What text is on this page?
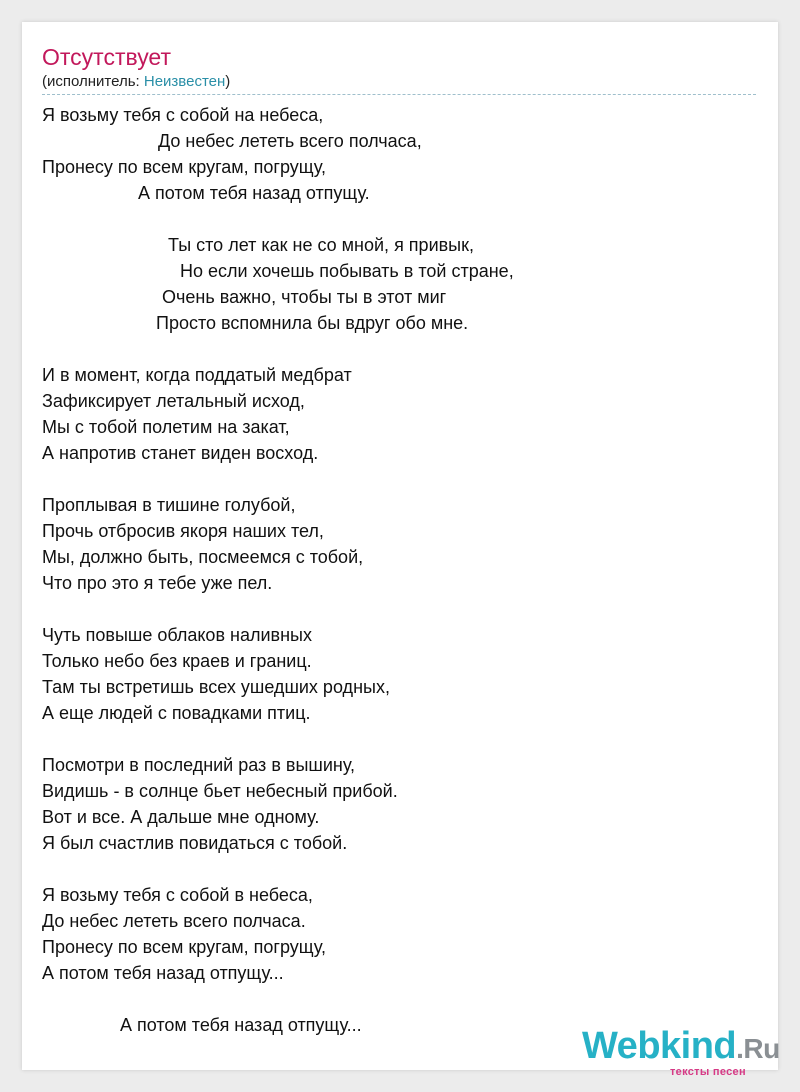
Отсутствует
(исполнитель: Неизвестен)
Я возьму тебя с собой на небеса,
До небес лететь всего полчаса,
Пронесу по всем кругам, погрущу,
А потом тебя назад отпущу.
Ты сто лет как не со мной, я привык,
Но если хочешь побывать в той стране,
Очень важно, чтобы ты в этот миг
Просто вспомнила бы вдруг обо мне.
И в момент, когда поддатый медбрат
Зафиксирует летальный исход,
Мы с тобой полетим на закат,
А напротив станет виден восход.
Проплывая в тишине голубой,
Прочь отбросив якоря наших тел,
Мы, должно быть, посмеемся с тобой,
Что про это я тебе уже пел.
Чуть повыше облаков наливных
Только небо без краев и границ.
Там ты встретишь всех ушедших родных,
А еще людей с повадками птиц.
Посмотри в последний раз в вышину,
Видишь - в солнце бьет небесный прибой.
Вот и все. А дальше мне одному.
Я был счастлив повидаться с тобой.
Я возьму тебя с собой в небеса,
До небес лететь всего полчаса.
Пронесу по всем кругам, погрущу,
А потом тебя назад отпущу...
А потом тебя назад отпущу...	Webkind.Ru
тексты песен
